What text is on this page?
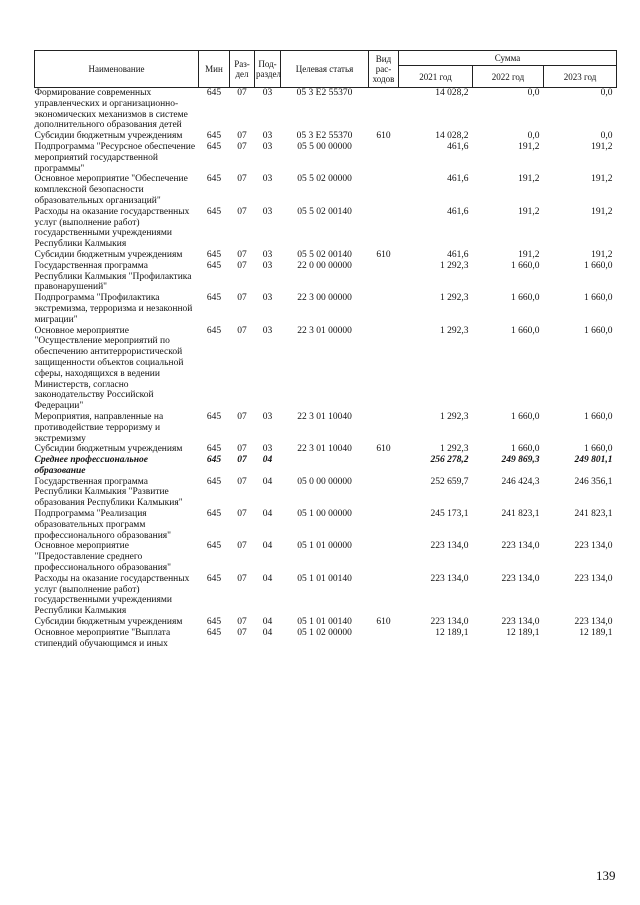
Наименование	Мин	Раз-дел	Под-раздел	Целевая статья	Вид рас-ходов	Сумма		
						2021 год	2022 год	2023 год
Формирование современных управленческих и организационно-экономических механизмов в системе дополнительного образования детей	645	07	03	05 3 E2 55370		14 028,2	0,0	0,0
Субсидии бюджетным учреждениям	645	07	03	05 3 E2 55370	610	14 028,2	0,0	0,0
Подпрограмма "Ресурсное обеспечение мероприятий государственной программы"	645	07	03	05 5 00 00000		461,6	191,2	191,2
Основное мероприятие "Обеспечение комплексной безопасности образовательных организаций"	645	07	03	05 5 02 00000		461,6	191,2	191,2
Расходы на оказание государственных услуг (выполнение работ) государственными учреждениями Республики Калмыкия	645	07	03	05 5 02 00140		461,6	191,2	191,2
Субсидии бюджетным учреждениям	645	07	03	05 5 02 00140	610	461,6	191,2	191,2
Государственная программа Республики Калмыкия "Профилактика правонарушений"	645	07	03	22 0 00 00000		1 292,3	1 660,0	1 660,0
Подпрограмма "Профилактика экстремизма, терроризма и незаконной миграции"	645	07	03	22 3 00 00000		1 292,3	1 660,0	1 660,0
Основное мероприятие "Осуществление мероприятий по обеспечению антитеррористической защищенности объектов социальной сферы, находящихся в ведении Министерств, согласно законодательству Российской Федерации"	645	07	03	22 3 01 00000		1 292,3	1 660,0	1 660,0
Мероприятия, направленные на противодействие терроризму и экстремизму	645	07	03	22 3 01 10040		1 292,3	1 660,0	1 660,0
Субсидии бюджетным учреждениям	645	07	03	22 3 01 10040	610	1 292,3	1 660,0	1 660,0
Среднее профессиональное образование	645	07	04			256 278,2	249 869,3	249 801,1
Государственная программа Республики Калмыкия "Развитие образования Республики Калмыкия"	645	07	04	05 0 00 00000		252 659,7	246 424,3	246 356,1
Подпрограмма "Реализация образовательных программ профессионального образования"	645	07	04	05 1 00 00000		245 173,1	241 823,1	241 823,1
Основное мероприятие "Предоставление среднего профессионального образования"	645	07	04	05 1 01 00000		223 134,0	223 134,0	223 134,0
Расходы на оказание государственных услуг (выполнение работ) государственными учреждениями Республики Калмыкия	645	07	04	05 1 01 00140		223 134,0	223 134,0	223 134,0
Субсидии бюджетным учреждениям	645	07	04	05 1 01 00140	610	223 134,0	223 134,0	223 134,0
Основное мероприятие "Выплата стипендий обучающимся и иных	645	07	04	05 1 02 00000		12 189,1	12 189,1	12 189,1
139
